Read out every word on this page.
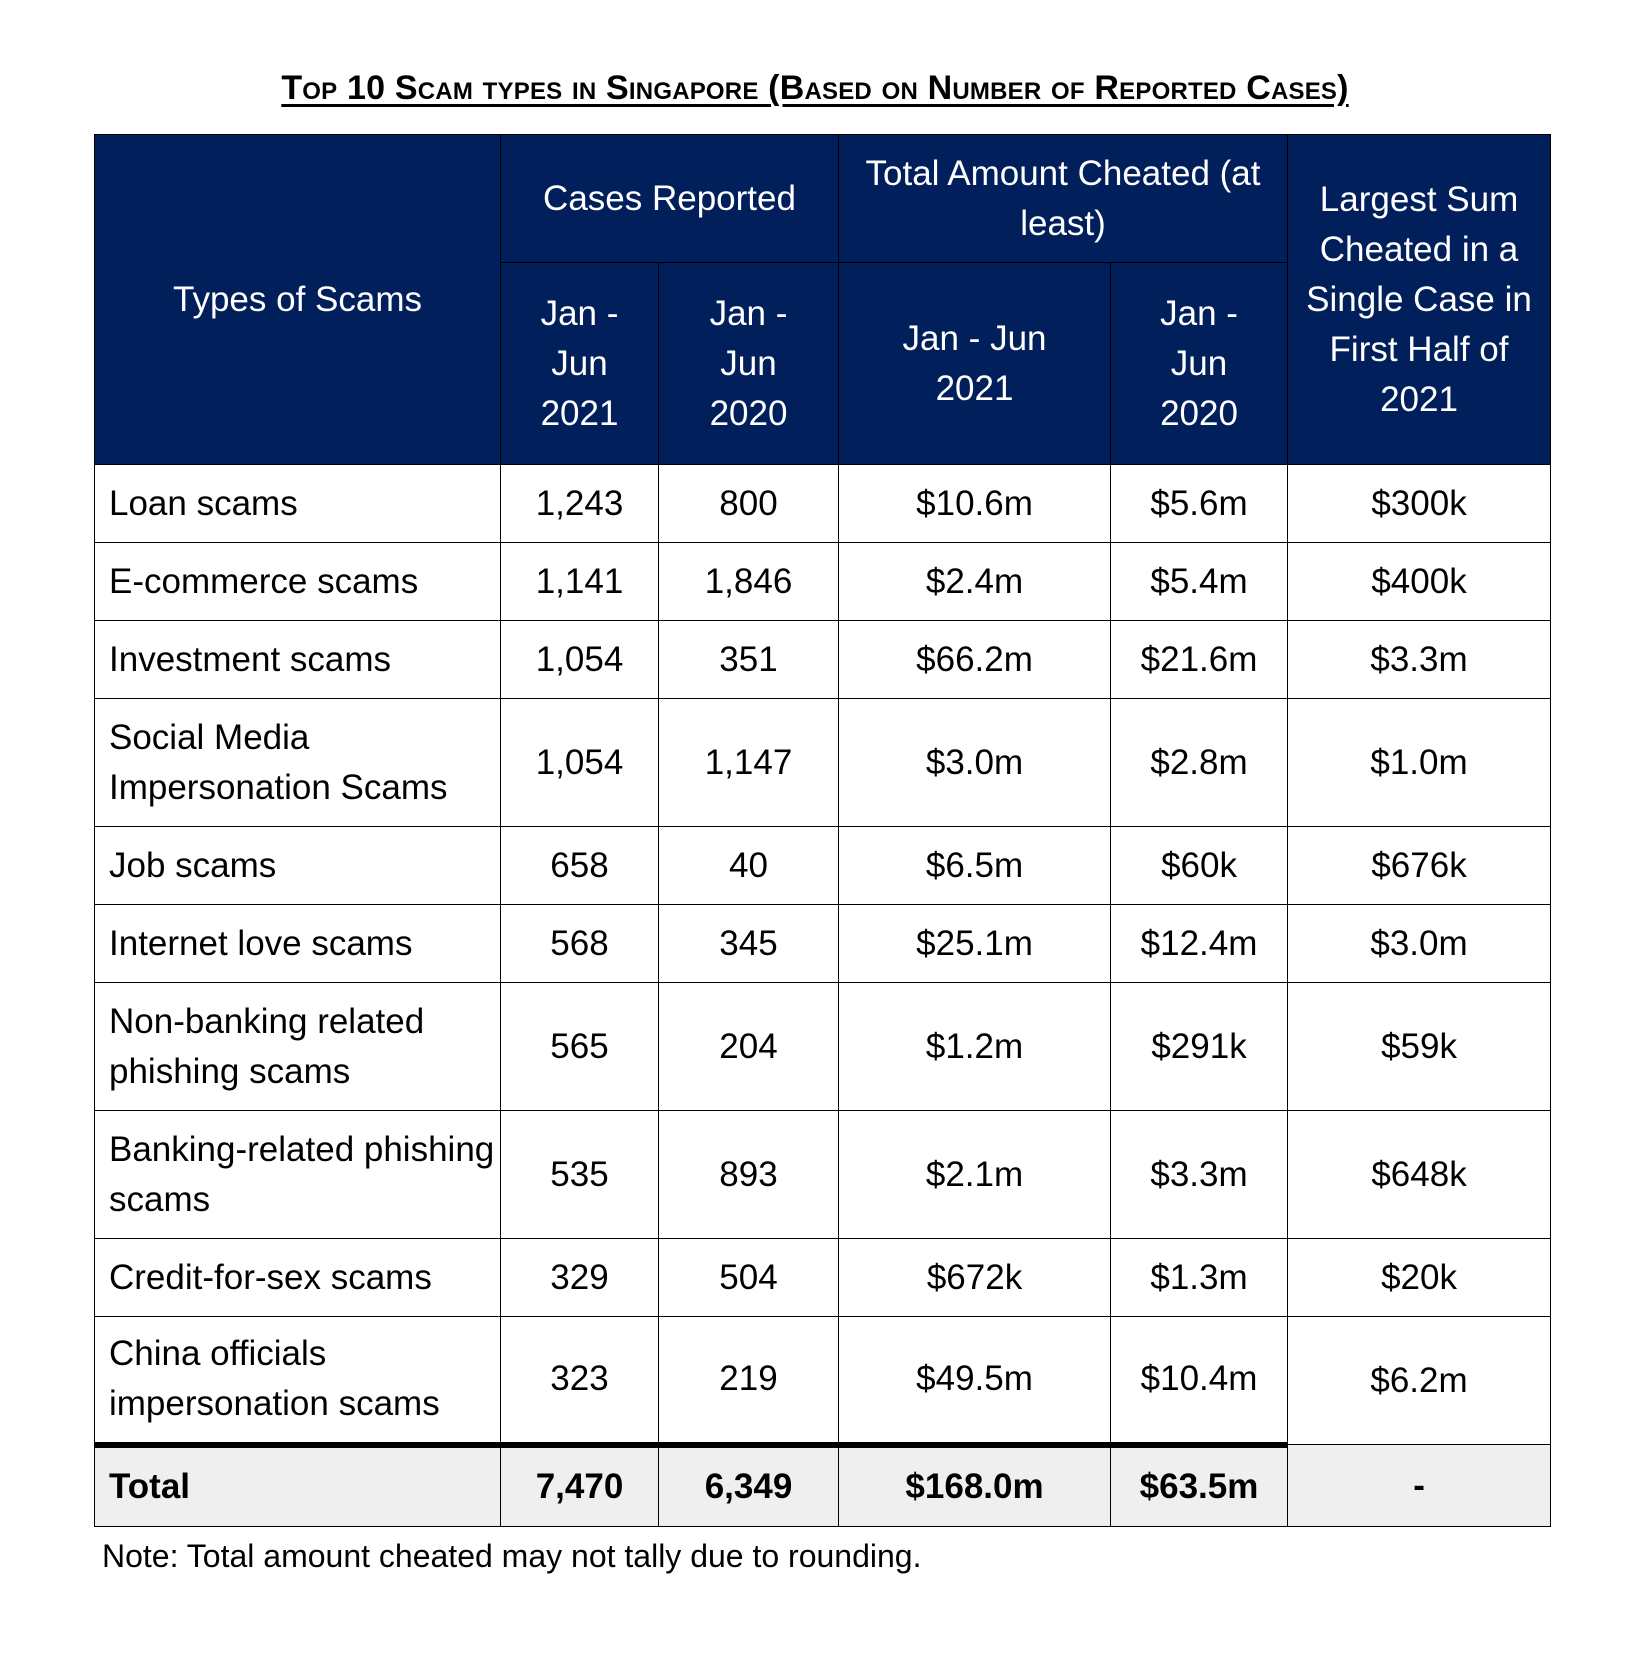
Top 10 Scam types in Singapore (Based on Number of Reported Cases)
Types of Scams	Cases Reported		Total Amount Cheated (at least)		Largest Sum Cheated in a Single Case in First Half of 2021
	Jan - Jun 2021	Jan - Jun 2020	Jan - Jun 2021	Jan - Jun 2020	
Loan scams	1,243	800	$10.6m	$5.6m	$300k
E-commerce scams	1,141	1,846	$2.4m	$5.4m	$400k
Investment scams	1,054	351	$66.2m	$21.6m	$3.3m
Social Media Impersonation Scams	1,054	1,147	$3.0m	$2.8m	$1.0m
Job scams	658	40	$6.5m	$60k	$676k
Internet love scams	568	345	$25.1m	$12.4m	$3.0m
Non-banking related phishing scams	565	204	$1.2m	$291k	$59k
Banking-related phishing scams	535	893	$2.1m	$3.3m	$648k
Credit-for-sex scams	329	504	$672k	$1.3m	$20k
China officials impersonation scams	323	219	$49.5m	$10.4m	$6.2m
Total	7,470	6,349	$168.0m	$63.5m	-
Note: Total amount cheated may not tally due to rounding.
